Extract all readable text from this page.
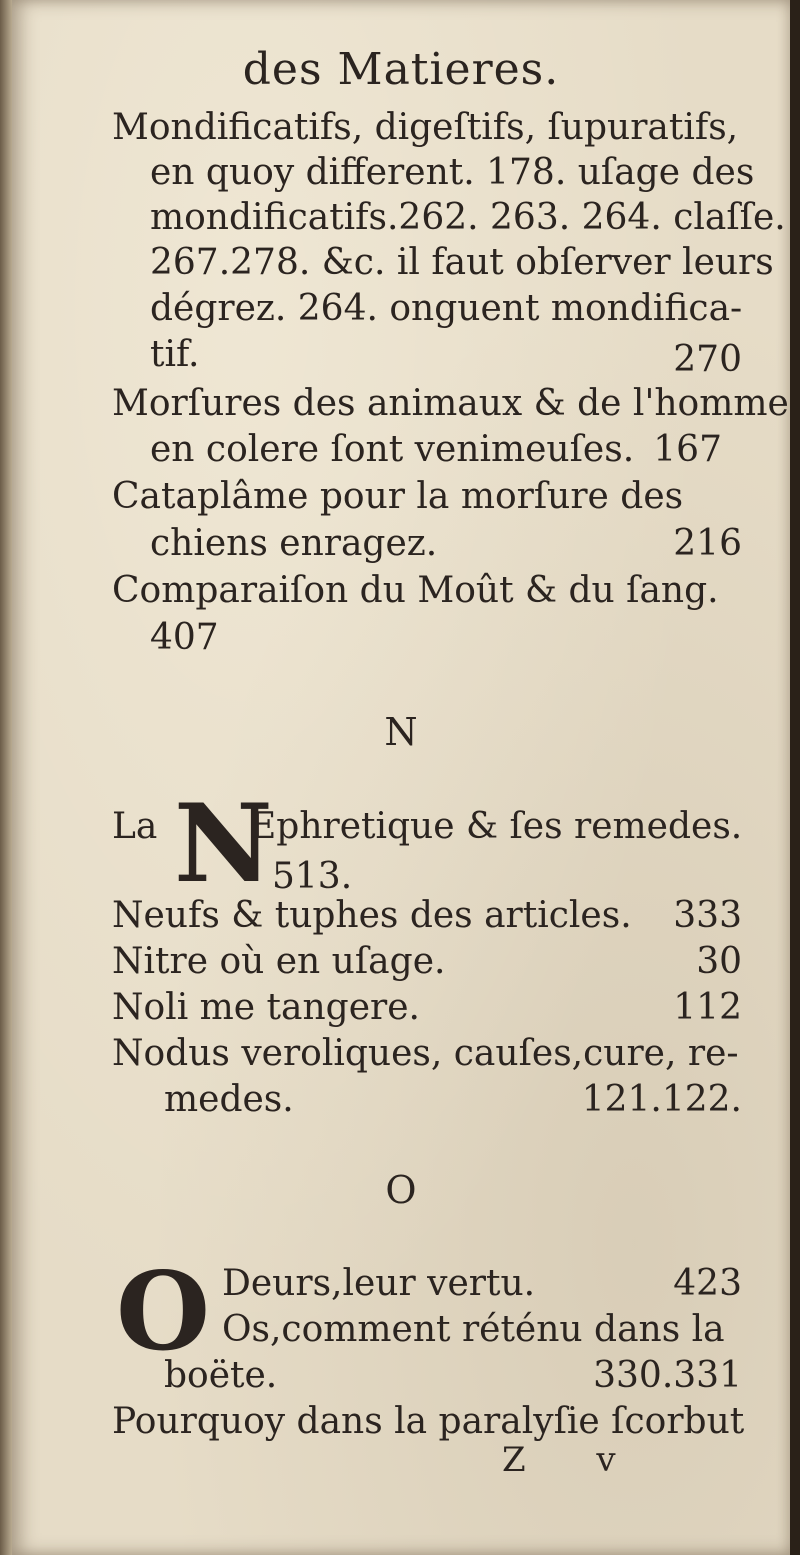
des Matieres.
Mondificatifs, digeſtifs, ſupuratifs,
en quoy different. 178. uſage des
mondificatifs.262. 263. 264. claſſe.
267.278. &c. il faut obſerver leurs
dégrez. 264. onguent mondifica-
tif.	270
Morſures des animaux & de l'homme
en colere ſont venimeuſes. 167
Cataplâme pour la morſure des
chiens enragez.	216
Comparaiſon du Moût & du ſang.
407
N
La N
Ephretique & ſes remedes.
513.
Neufs & tuphes des articles. 333
Nitre où en uſage.	30
Noli me tangere.	112
Nodus veroliques, cauſes,cure, re-
medes.	121.122.
O
O Deurs,leur vertu.	423
Os,comment réténu dans la
boëte.	330.331
Pourquoy dans la paralyſie ſcorbut
Z v
